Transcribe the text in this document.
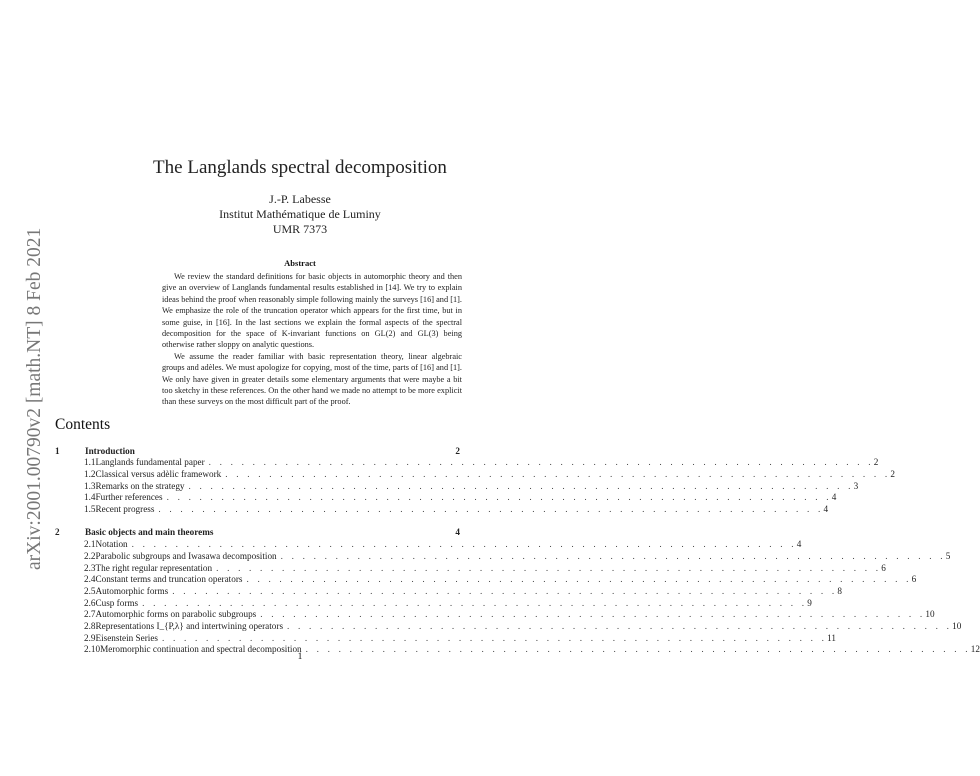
arXiv:2001.00790v2 [math.NT] 8 Feb 2021
The Langlands spectral decomposition
J.-P. Labesse
Institut Mathématique de Luminy
UMR 7373
Abstract

We review the standard definitions for basic objects in automorphic theory and then give an overview of Langlands fundamental results established in [14]. We try to explain ideas behind the proof when reasonably simple following mainly the surveys [16] and [1]. We emphasize the role of the truncation operator which appears for the first time, but in some guise, in [16]. In the last sections we explain the formal aspects of the spectral decomposition for the space of K-invariant functions on GL(2) and GL(3) being otherwise rather sloppy on analytic questions.

We assume the reader familiar with basic representation theory, linear algebraic groups and adèles. We must apologize for copying, most of the time, parts of [16] and [1]. We only have given in greater details some elementary arguments that were maybe a bit too sketchy in these references. On the other hand we made no attempt to be more explicit than these surveys on the most difficult part of the proof.

Contents
1	Introduction	2
1.1 Langlands fundamental paper . . . . . . . . . . . . . . . . . . . . . . . . . . . . . . . . . . . . . . . . . . . . . . . . . . . . . . . . . . . . . 2
1.2 Classical versus adèlic framework . . . . . . . . . . . . . . . . . . . . . . . . . . . . . . . . . . . . . . . . . . . . . . . . . . . . . . . . . . . . . 2
1.3 Remarks on the strategy . . . . . . . . . . . . . . . . . . . . . . . . . . . . . . . . . . . . . . . . . . . . . . . . . . . . . . . . . . . . . 3
1.4 Further references . . . . . . . . . . . . . . . . . . . . . . . . . . . . . . . . . . . . . . . . . . . . . . . . . . . . . . . . . . . . . 4
1.5 Recent progress . . . . . . . . . . . . . . . . . . . . . . . . . . . . . . . . . . . . . . . . . . . . . . . . . . . . . . . . . . . . . 4
2	Basic objects and main theorems	4
2.1 Notation . . . . . . . . . . . . . . . . . . . . . . . . . . . . . . . . . . . . . . . . . . . . . . . . . . . . . . . . . . . . . 4
2.2 Parabolic subgroups and Iwasawa decomposition . . . . . . . . . . . . . . . . . . . . . . . . . . . . . . . . . . . . . . . . . . . . . . . . . . . . . . . . . . . . . 5
2.3 The right regular representation . . . . . . . . . . . . . . . . . . . . . . . . . . . . . . . . . . . . . . . . . . . . . . . . . . . . . . . . . . . . . 6
2.4 Constant terms and truncation operators . . . . . . . . . . . . . . . . . . . . . . . . . . . . . . . . . . . . . . . . . . . . . . . . . . . . . . . . . . . . . 6
2.5 Automorphic forms . . . . . . . . . . . . . . . . . . . . . . . . . . . . . . . . . . . . . . . . . . . . . . . . . . . . . . . . . . . . . 8
2.6 Cusp forms . . . . . . . . . . . . . . . . . . . . . . . . . . . . . . . . . . . . . . . . . . . . . . . . . . . . . . . . . . . . . 9
2.7 Automorphic forms on parabolic subgroups . . . . . . . . . . . . . . . . . . . . . . . . . . . . . . . . . . . . . . . . . . . . . . . . . . . . . . . . . . . . . 10
2.8 Representations I_{P,λ} and intertwining operators . . . . . . . . . . . . . . . . . . . . . . . . . . . . . . . . . . . . . . . . . . . . . . . . . . . . . . . . . . . . . 10
2.9 Eisenstein Series . . . . . . . . . . . . . . . . . . . . . . . . . . . . . . . . . . . . . . . . . . . . . . . . . . . . . . . . . . . . . 11
2.10 Meromorphic continuation and spectral decomposition . . . . . . . . . . . . . . . . . . . . . . . . . . . . . . . . . . . . . . . . . . . . . . . . . . . . . . . . . . . . . 12
1
